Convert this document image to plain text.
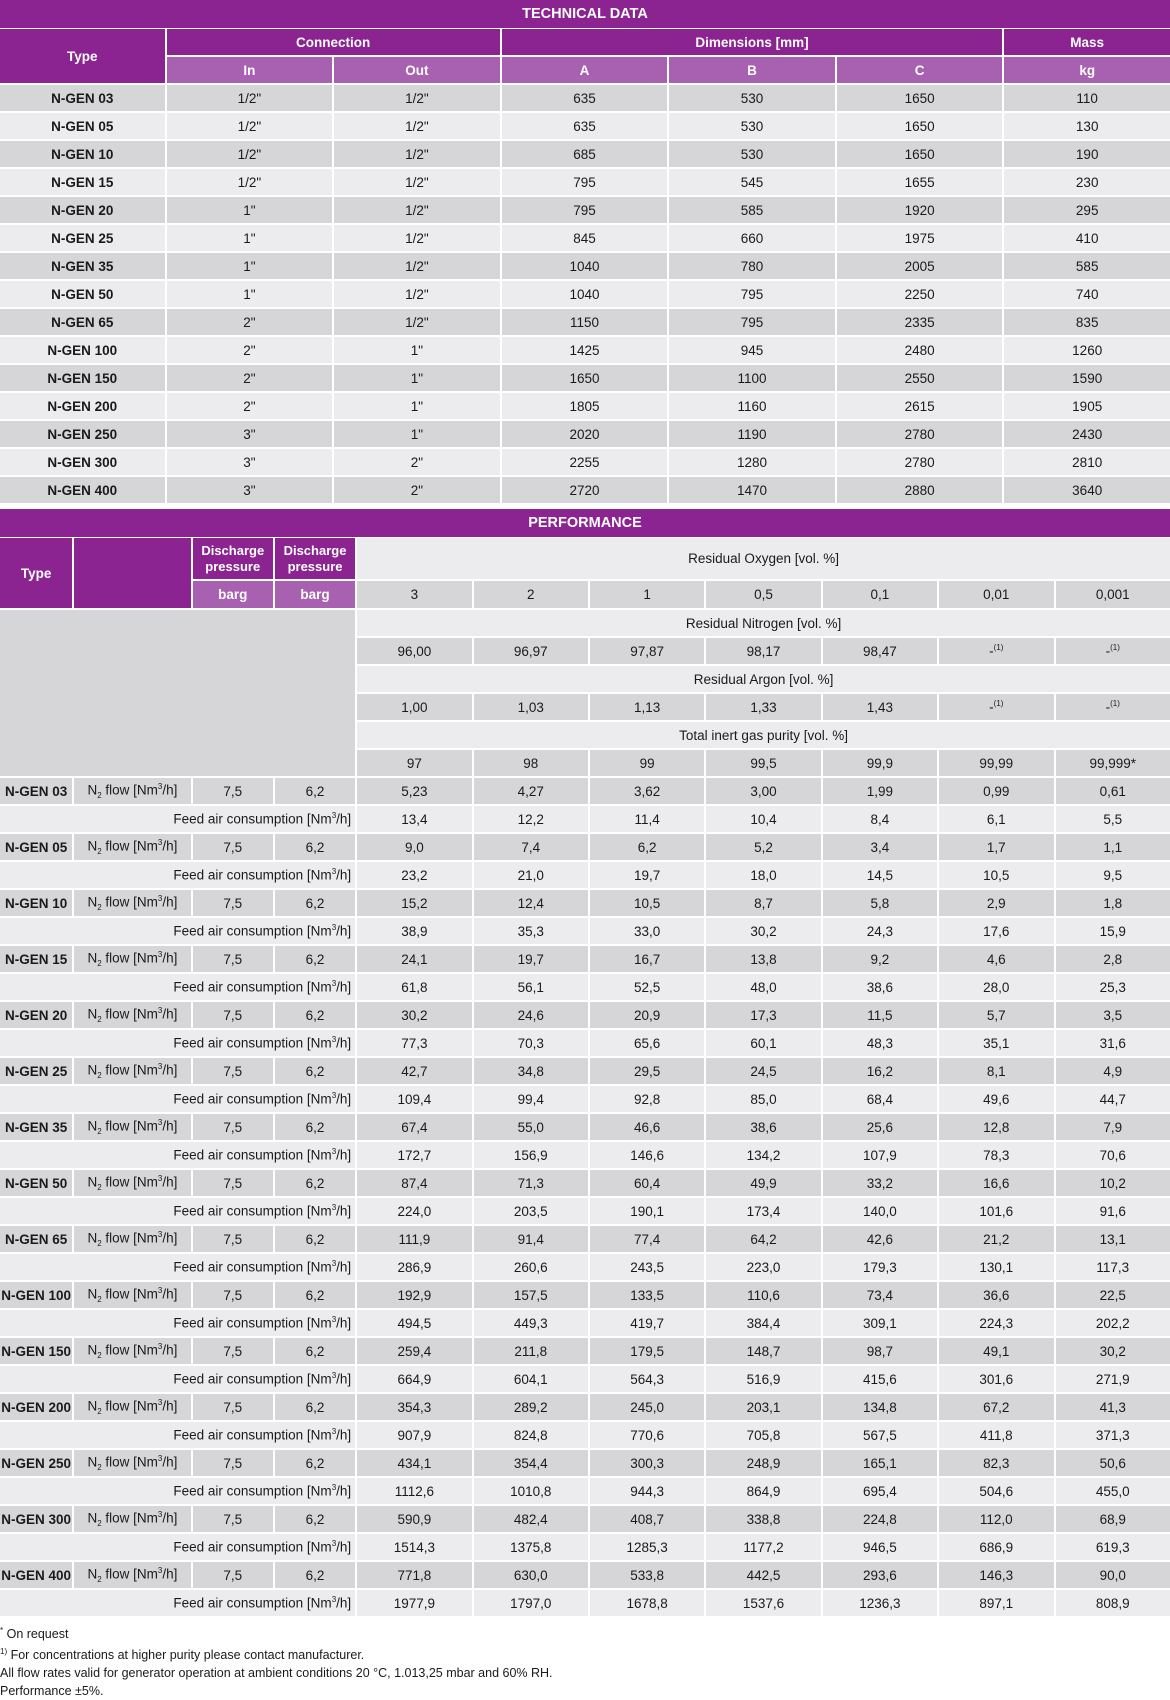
TECHNICAL DATA
Type	Connection		Dimensions [mm]			Mass
	In	Out	A	B	C	kg
N-GEN 03	1/2"	1/2"	635	530	1650	110
N-GEN 05	1/2"	1/2"	635	530	1650	130
N-GEN 10	1/2"	1/2"	685	530	1650	190
N-GEN 15	1/2"	1/2"	795	545	1655	230
N-GEN 20	1"	1/2"	795	585	1920	295
N-GEN 25	1"	1/2"	845	660	1975	410
N-GEN 35	1"	1/2"	1040	780	2005	585
N-GEN 50	1"	1/2"	1040	795	2250	740
N-GEN 65	2"	1/2"	1150	795	2335	835
N-GEN 100	2"	1"	1425	945	2480	1260
N-GEN 150	2"	1"	1650	1100	2550	1590
N-GEN 200	2"	1"	1805	1160	2615	1905
N-GEN 250	3"	1"	2020	1190	2780	2430
N-GEN 300	3"	2"	2255	1280	2780	2810
N-GEN 400	3"	2"	2720	1470	2880	3640
PERFORMANCE
Type		Discharge pressure	Discharge pressure	Residual Oxygen [vol. %]						
		barg	barg	3	2	1	0,5	0,1	0,01	0,001
				Residual Nitrogen [vol. %]						
				96,00	96,97	97,87	98,17	98,47	-$^{(1)}$	-$^{(1)}$
				Residual Argon [vol. %]						
				1,00	1,03	1,13	1,33	1,43	-$^{(1)}$	-$^{(1)}$
				Total inert gas purity [vol. %]						
				97	98	99	99,5	99,9	99,99	99,999*
N-GEN 03	$N_2$ flow [Nm$^3$/h]	7,5	6,2	5,23	4,27	3,62	3,00	1,99	0,99	0,61
Feed air consumption [Nm$^3$/h]				13,4	12,2	11,4	10,4	8,4	6,1	5,5
N-GEN 05	$N_2$ flow [Nm$^3$/h]	7,5	6,2	9,0	7,4	6,2	5,2	3,4	1,7	1,1
Feed air consumption [Nm$^3$/h]				23,2	21,0	19,7	18,0	14,5	10,5	9,5
N-GEN 10	$N_2$ flow [Nm$^3$/h]	7,5	6,2	15,2	12,4	10,5	8,7	5,8	2,9	1,8
Feed air consumption [Nm$^3$/h]				38,9	35,3	33,0	30,2	24,3	17,6	15,9
N-GEN 15	$N_2$ flow [Nm$^3$/h]	7,5	6,2	24,1	19,7	16,7	13,8	9,2	4,6	2,8
Feed air consumption [Nm$^3$/h]				61,8	56,1	52,5	48,0	38,6	28,0	25,3
N-GEN 20	$N_2$ flow [Nm$^3$/h]	7,5	6,2	30,2	24,6	20,9	17,3	11,5	5,7	3,5
Feed air consumption [Nm$^3$/h]				77,3	70,3	65,6	60,1	48,3	35,1	31,6
N-GEN 25	$N_2$ flow [Nm$^3$/h]	7,5	6,2	42,7	34,8	29,5	24,5	16,2	8,1	4,9
Feed air consumption [Nm$^3$/h]				109,4	99,4	92,8	85,0	68,4	49,6	44,7
N-GEN 35	$N_2$ flow [Nm$^3$/h]	7,5	6,2	67,4	55,0	46,6	38,6	25,6	12,8	7,9
Feed air consumption [Nm$^3$/h]				172,7	156,9	146,6	134,2	107,9	78,3	70,6
N-GEN 50	$N_2$ flow [Nm$^3$/h]	7,5	6,2	87,4	71,3	60,4	49,9	33,2	16,6	10,2
Feed air consumption [Nm$^3$/h]				224,0	203,5	190,1	173,4	140,0	101,6	91,6
N-GEN 65	$N_2$ flow [Nm$^3$/h]	7,5	6,2	111,9	91,4	77,4	64,2	42,6	21,2	13,1
Feed air consumption [Nm$^3$/h]				286,9	260,6	243,5	223,0	179,3	130,1	117,3
N-GEN 100	$N_2$ flow [Nm$^3$/h]	7,5	6,2	192,9	157,5	133,5	110,6	73,4	36,6	22,5
Feed air consumption [Nm$^3$/h]				494,5	449,3	419,7	384,4	309,1	224,3	202,2
N-GEN 150	$N_2$ flow [Nm$^3$/h]	7,5	6,2	259,4	211,8	179,5	148,7	98,7	49,1	30,2
Feed air consumption [Nm$^3$/h]				664,9	604,1	564,3	516,9	415,6	301,6	271,9
N-GEN 200	$N_2$ flow [Nm$^3$/h]	7,5	6,2	354,3	289,2	245,0	203,1	134,8	67,2	41,3
Feed air consumption [Nm$^3$/h]				907,9	824,8	770,6	705,8	567,5	411,8	371,3
N-GEN 250	$N_2$ flow [Nm$^3$/h]	7,5	6,2	434,1	354,4	300,3	248,9	165,1	82,3	50,6
Feed air consumption [Nm$^3$/h]				1112,6	1010,8	944,3	864,9	695,4	504,6	455,0
N-GEN 300	$N_2$ flow [Nm$^3$/h]	7,5	6,2	590,9	482,4	408,7	338,8	224,8	112,0	68,9
Feed air consumption [Nm$^3$/h]				1514,3	1375,8	1285,3	1177,2	946,5	686,9	619,3
N-GEN 400	$N_2$ flow [Nm$^3$/h]	7,5	6,2	771,8	630,0	533,8	442,5	293,6	146,3	90,0
Feed air consumption [Nm$^3$/h]				1977,9	1797,0	1678,8	1537,6	1236,3	897,1	808,9
* On request
$^{1)}$ For concentrations at higher purity please contact manufacturer.
All flow rates valid for generator operation at ambient conditions 20 °C, 1.013,25 mbar and 60% RH.
Performance ±5%.
